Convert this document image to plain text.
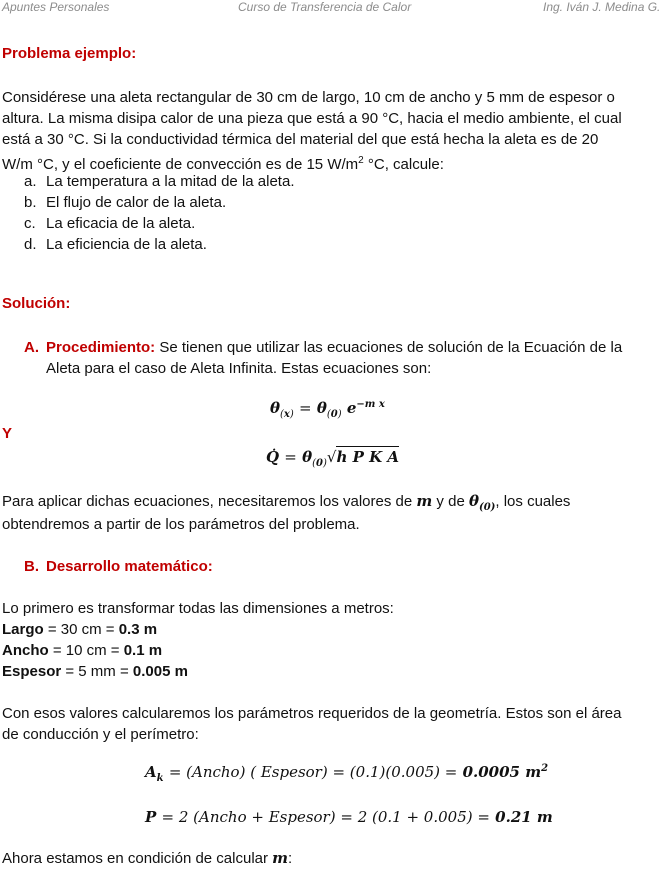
Apuntes Personales	Curso de Transferencia de Calor	Ing. Iván J. Medina G.
Problema ejemplo:
Considérese una aleta rectangular de 30 cm de largo, 10 cm de ancho y 5 mm de espesor o
altura. La misma disipa calor de una pieza que está a 90 °C, hacia el medio ambiente, el cual
está a 30 °C. Si la conductividad térmica del material del que está hecha la aleta es de 20
W/m °C, y el coeficiente de convección es de 15 $W/m^2$ °C, calcule:
a. La temperatura a la mitad de la aleta.
b. El flujo de calor de la aleta.
c. La eficacia de la aleta.
d. La eficiencia de la aleta.
Solución:
A. Procedimiento: Se tienen que utilizar las ecuaciones de solución de la Ecuación de la
Aleta para el caso de Aleta Infinita. Estas ecuaciones son:
Y
$\theta_{(x)} = \theta_{(0)}$ $e^{-m x}$
Q̇ = $\theta_{(0)}√h$ P K A
Para aplicar dichas ecuaciones, necesitaremos los valores de m y de $\theta_{(0)}$, los cuales
obtendremos a partir de los parámetros del problema.
B. Desarrollo matemático:
Lo primero es transformar todas las dimensiones a metros:
Largo = 30 cm = 0.3 m
Ancho = 10 cm = 0.1 m
Espesor = 5 mm = 0.005 m
Con esos valores calcularemos los parámetros requeridos de la geometría. Estos son el área
de conducción y el perímetro:
$A_k$ = (Ancho) ( Espesor) = (0.1)(0.005) = 0.0005 $m^2$
P = 2 (Ancho + Espesor) = 2 (0.1 + 0.005) = 0.21 m
Ahora estamos en condición de calcular m:
